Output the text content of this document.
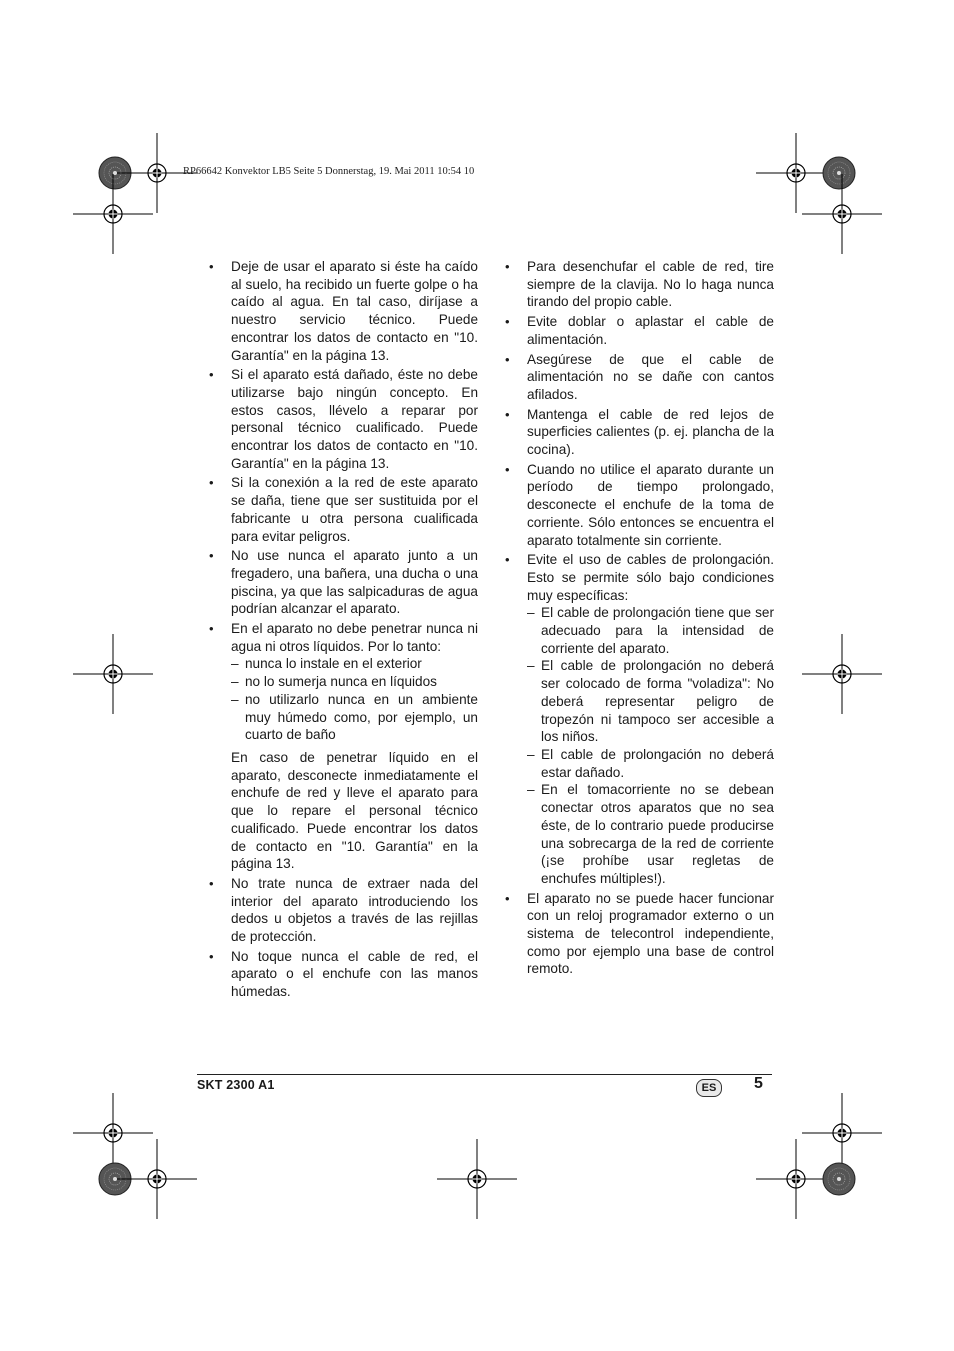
RP66642 Konvektor LB5 Seite 5 Donnerstag, 19. Mai 2011 10:54 10
• Deje de usar el aparato si éste ha caído al suelo, ha recibido un fuerte golpe o ha caído al agua. En tal caso, diríjase a nuestro servicio técnico. Puede encontrar los datos de contacto en "10. Garantía" en la página 13.
• Si el aparato está dañado, éste no debe utilizarse bajo ningún concepto. En estos casos, llévelo a reparar por personal técnico cualificado. Puede encontrar los datos de contacto en "10. Garantía" en la página 13.
• Si la conexión a la red de este aparato se daña, tiene que ser sustituida por el fabricante u otra persona cualificada para evitar peligros.
• No use nunca el aparato junto a un fregadero, una bañera, una ducha o una piscina, ya que las salpicaduras de agua podrían alcanzar el aparato.
• En el aparato no debe penetrar nunca ni agua ni otros líquidos. Por lo tanto:
– nunca lo instale en el exterior
– no lo sumerja nunca en líquidos
– no utilizarlo nunca en un ambiente muy húmedo como, por ejemplo, un cuarto de baño

En caso de penetrar líquido en el aparato, desconecte inmediatamente el enchufe de red y lleve el aparato para que lo repare el personal técnico cualificado. Puede encontrar los datos de contacto en "10. Garantía" en la página 13.

• No trate nunca de extraer nada del interior del aparato introduciendo los dedos u objetos a través de las rejillas de protección.
• No toque nunca el cable de red, el aparato o el enchufe con las manos húmedas.
• Para desenchufar el cable de red, tire siempre de la clavija. No lo haga nunca tirando del propio cable.
• Evite doblar o aplastar el cable de alimentación.
• Asegúrese de que el cable de alimentación no se dañe con cantos afilados.
• Mantenga el cable de red lejos de superficies calientes (p. ej. plancha de la cocina).
• Cuando no utilice el aparato durante un período de tiempo prolongado, desconecte el enchufe de la toma de corriente. Sólo entonces se encuentra el aparato totalmente sin corriente.
• Evite el uso de cables de prolongación. Esto se permite sólo bajo condiciones muy específicas:
– El cable de prolongación tiene que ser adecuado para la intensidad de corriente del aparato.
– El cable de prolongación no deberá ser colocado de forma "voladiza": No deberá representar peligro de tropezón ni tampoco ser accesible a los niños.
– El cable de prolongación no deberá estar dañado.
– En el tomacorriente no se debean conectar otros aparatos que no sea éste, de lo contrario puede producirse una sobrecarga de la red de corriente (¡se prohíbe usar regletas de enchufes múltiples!).
• El aparato no se puede hacer funcionar con un reloj programador externo o un sistema de telecontrol independiente, como por ejemplo una base de control remoto.
SKT 2300 A1	ES	5
